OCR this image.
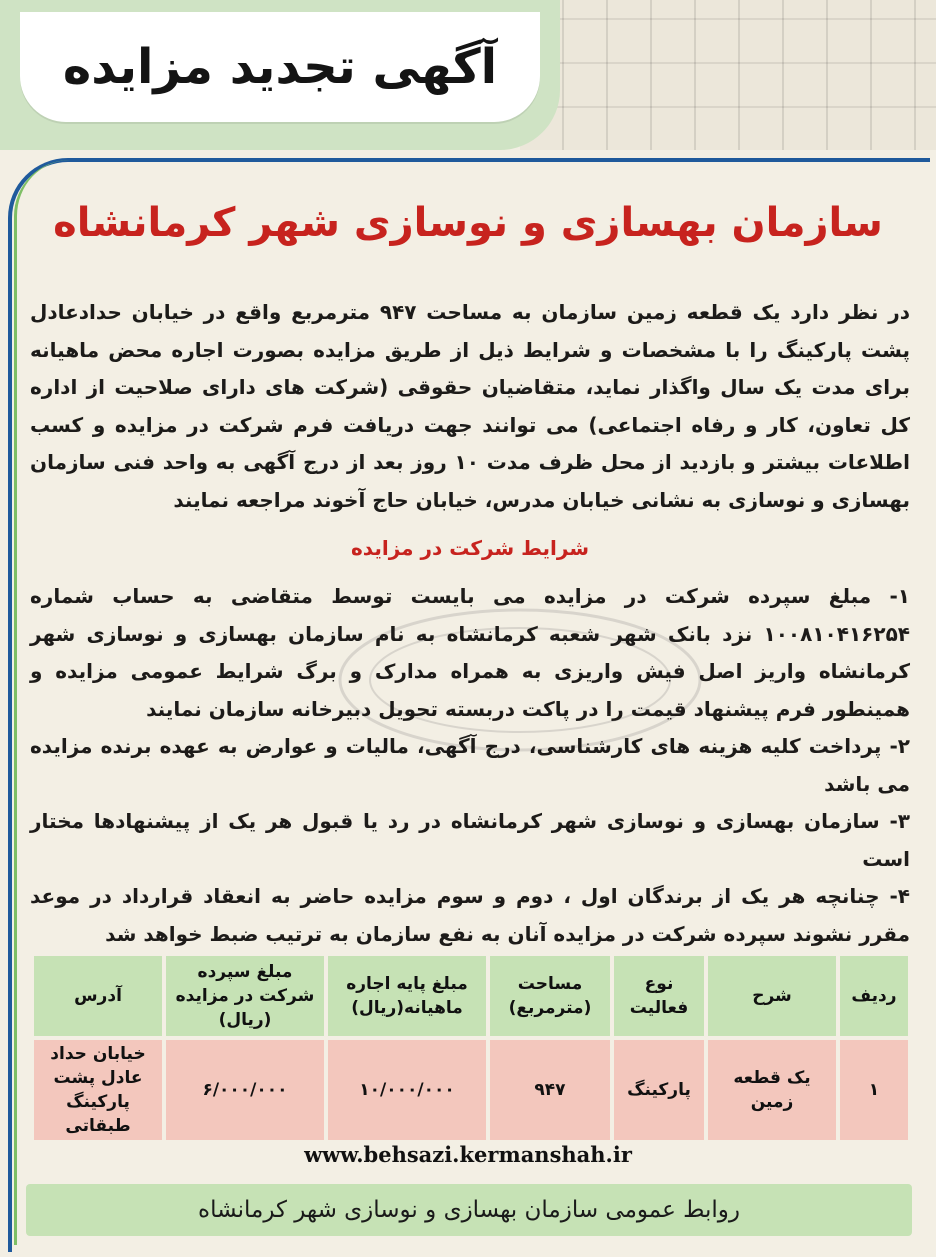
آگهی تجدید مزایده
سازمان بهسازی و نوسازی شهر کرمانشاه
در نظر دارد یک قطعه زمین سازمان به مساحت ۹۴۷ مترمربع واقع در خیابان حدادعادل پشت پارکینگ را با مشخصات و شرایط ذیل از طریق مزایده بصورت اجاره محض ماهیانه برای مدت یک سال واگذار نماید، متقاضیان حقوقی (شرکت های دارای صلاحیت از اداره کل تعاون، کار و رفاه اجتماعی) می توانند جهت دریافت فرم شرکت در مزایده و کسب اطلاعات بیشتر و بازدید از محل ظرف مدت ۱۰ روز بعد از درج آگهی به واحد فنی سازمان بهسازی و نوسازی به نشانی خیابان مدرس، خیابان حاج آخوند مراجعه نمایند
شرایط شرکت در مزایده

۱- مبلغ سپرده شرکت در مزایده می بایست توسط متقاضی به حساب شماره ۱۰۰۸۱۰۴۱۶۲۵۴ نزد بانک شهر شعبه کرمانشاه به نام سازمان بهسازی و نوسازی شهر کرمانشاه واریز اصل فیش واریزی به همراه مدارک و برگ شرایط عمومی مزایده و همینطور فرم پیشنهاد قیمت را در پاکت دربسته تحویل دبیرخانه سازمان نمایند

۲- پرداخت کلیه هزینه های کارشناسی، درج آگهی، مالیات و عوارض به عهده برنده مزایده می باشد

۳- سازمان بهسازی و نوسازی شهر کرمانشاه در رد یا قبول هر یک از پیشنهادها مختار است

۴- چنانچه هر یک از برندگان اول ، دوم و سوم مزایده حاضر به انعقاد قرارداد در موعد مقرر نشوند سپرده شرکت در مزایده آنان به نفع سازمان به ترتیب ضبط خواهد شد

ردیف	شرح	نوع فعالیت	مساحت (مترمربع)	مبلغ پایه اجاره ماهیانه(ریال)	مبلغ سپرده شرکت در مزایده (ریال)	آدرس
۱	یک قطعه زمین	پارکینگ	۹۴۷	۱۰/۰۰۰/۰۰۰	۶/۰۰۰/۰۰۰	خیابان حداد عادل پشت پارکینگ طبقاتی
www.behsazi.kermanshah.ir
روابط عمومی سازمان بهسازی و نوسازی شهر کرمانشاه
